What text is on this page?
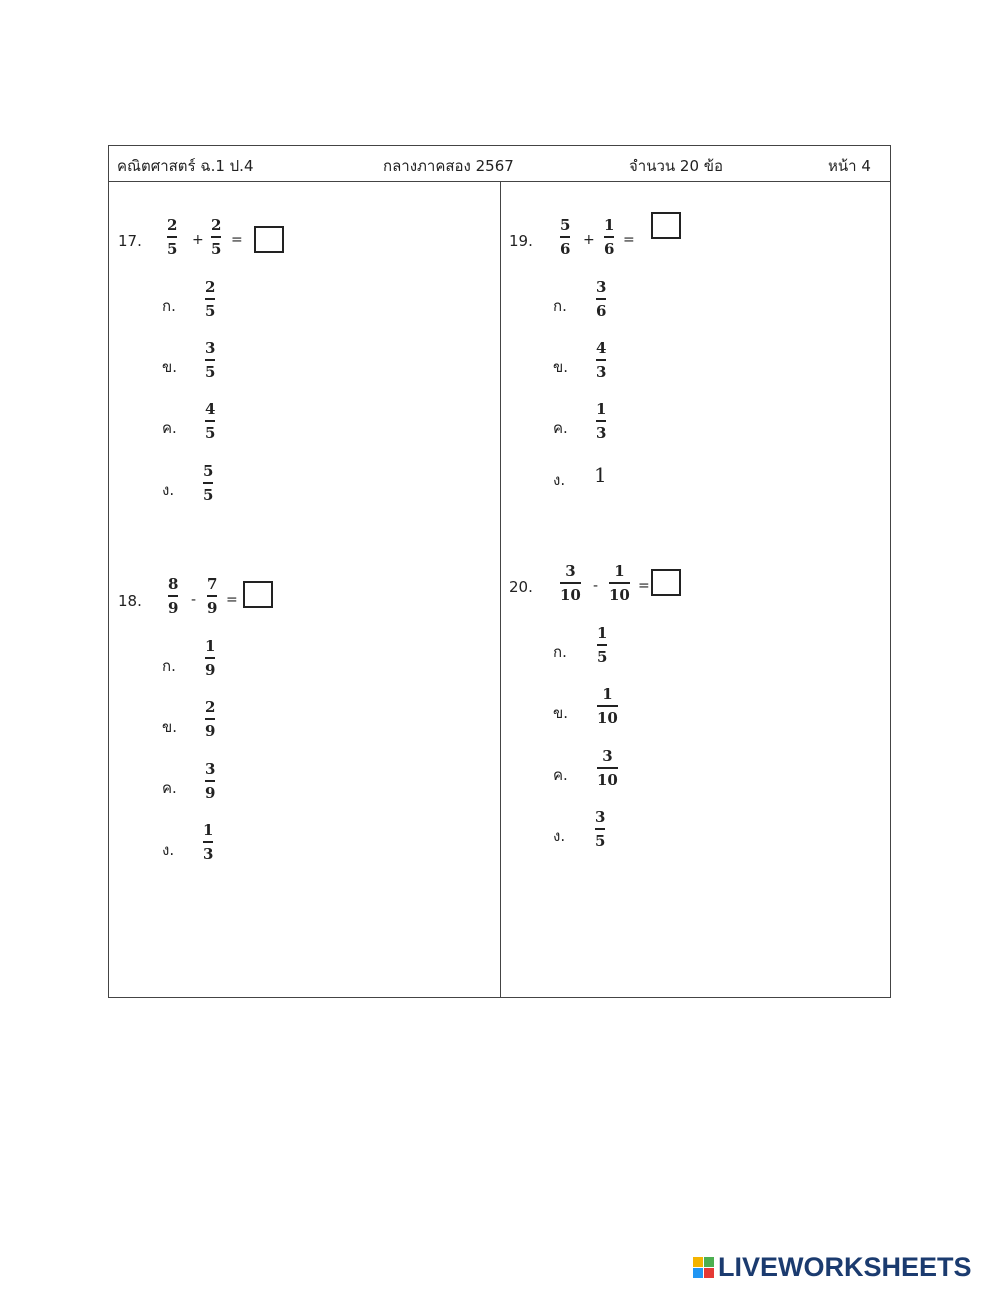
คณิตศาสตร์ ฉ.1 ป.4	กลางภาคสอง 2567	จำนวน 20 ข้อ	หน้า 4
17.
2
5 +
2
5 =
ก.
2
5
ข.
3
5
ค.
4
5
ง.
5
5
18.
8
9 -
7
9 =
ก.
1
9
ข.
2
9
ค.
3
9
ง.
1
3
19.
5
6 +
1
6 =
ก.
3
6
ข.
4
3
ค.
1
3
ง. 1
20.
3
10 -
1
10 =
ก.
1
5
ข.
1
10
ค.
3
10
ง.
3
5
LIVEWORKSHEETS
